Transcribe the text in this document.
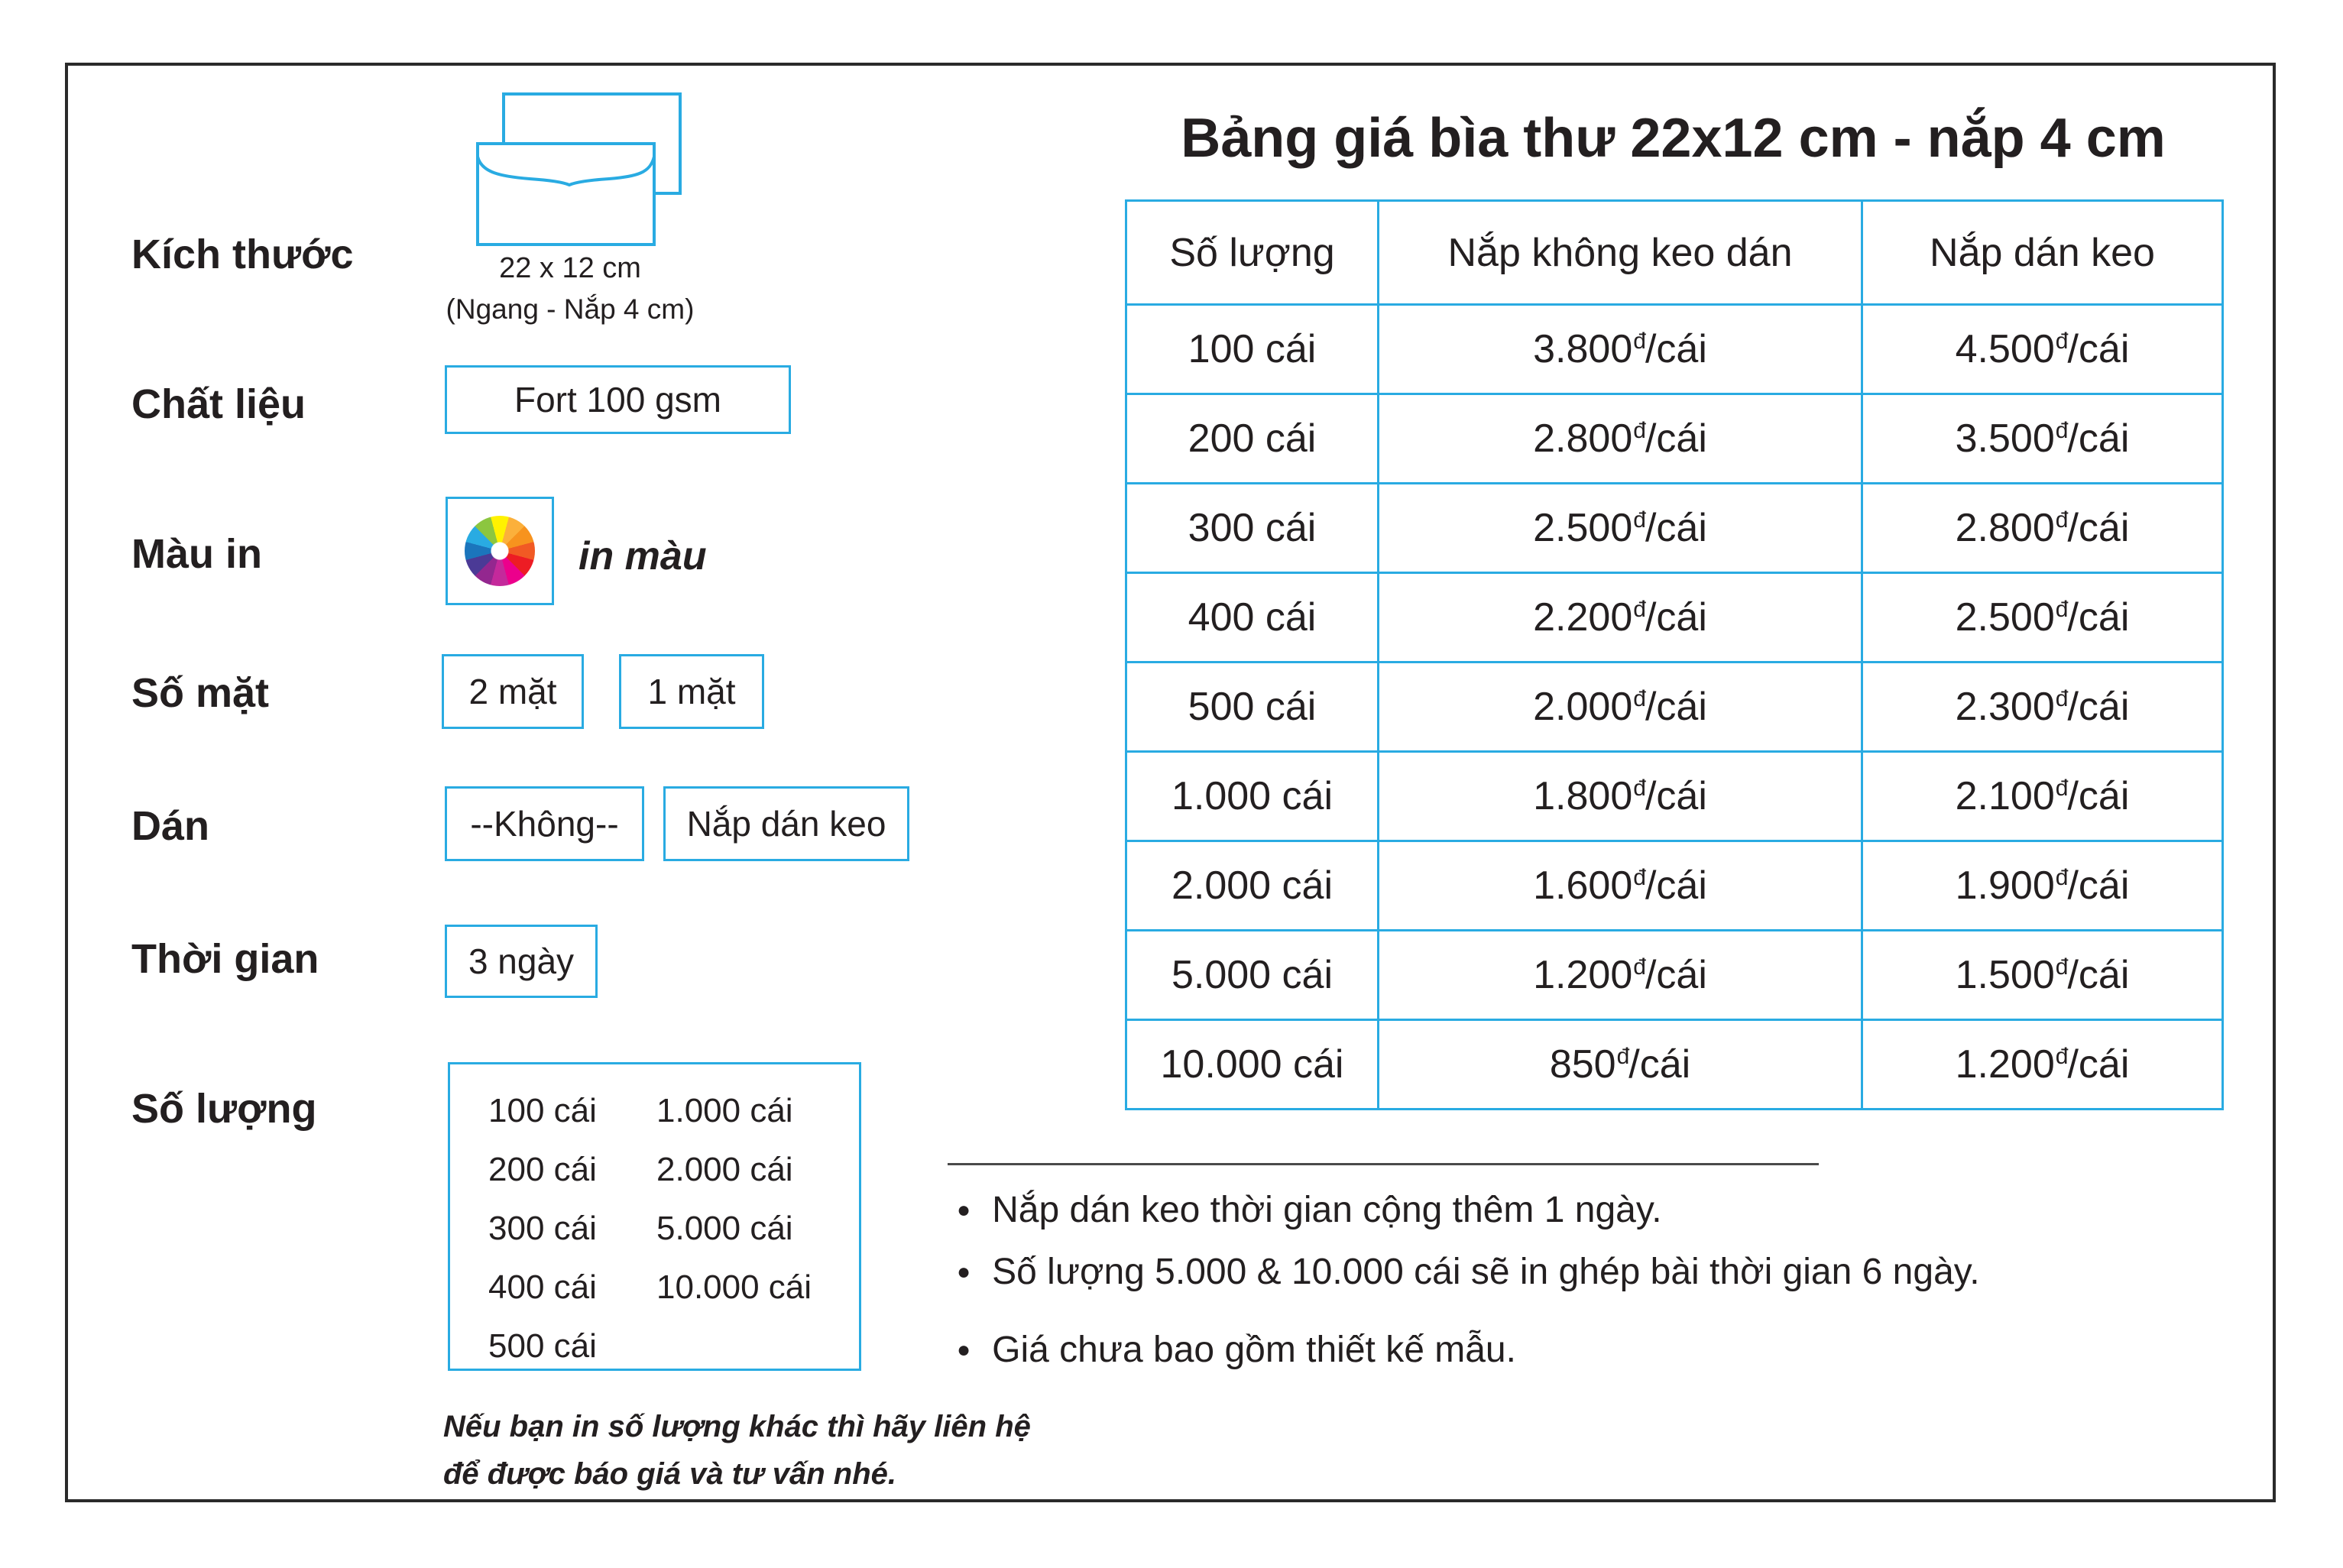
Kích thước	22 x 12 cm
(Ngang - Nắp 4 cm)
Chất liệu	Fort 100 gsm
Màu in	in màu
Số mặt	2 mặt	1 mặt
Dán	--Không-- Nắp dán keo
Thời gian	3 ngày
Số lượng	100 cái
200 cái
300 cái
400 cái
500 cái
1.000 cái
2.000 cái
5.000 cái
10.000 cái
Nếu bạn in số lượng khác thì hãy liên hệ
để được báo giá và tư vấn nhé.
Bảng giá bìa thư 22x12 cm - nắp 4 cm
Số lượng	Nắp không keo dán	Nắp dán keo
100 cái	$3.800^đ$/cái	$4.500^đ$/cái
200 cái	$2.800^đ$/cái	$3.500^đ$/cái
300 cái	$2.500^đ$/cái	$2.800^đ$/cái
400 cái	$2.200^đ$/cái	$2.500^đ$/cái
500 cái	$2.000^đ$/cái	$2.300^đ$/cái
1.000 cái	$1.800^đ$/cái	$2.100^đ$/cái
2.000 cái	$1.600^đ$/cái	$1.900^đ$/cái
5.000 cái	$1.200^đ$/cái	$1.500^đ$/cái
10.000 cái	$850^đ$/cái	$1.200^đ$/cái
● Nắp dán keo thời gian cộng thêm 1 ngày.
● Số lượng 5.000 & 10.000 cái sẽ in ghép bài thời gian 6 ngày.
● Giá chưa bao gồm thiết kế mẫu.
